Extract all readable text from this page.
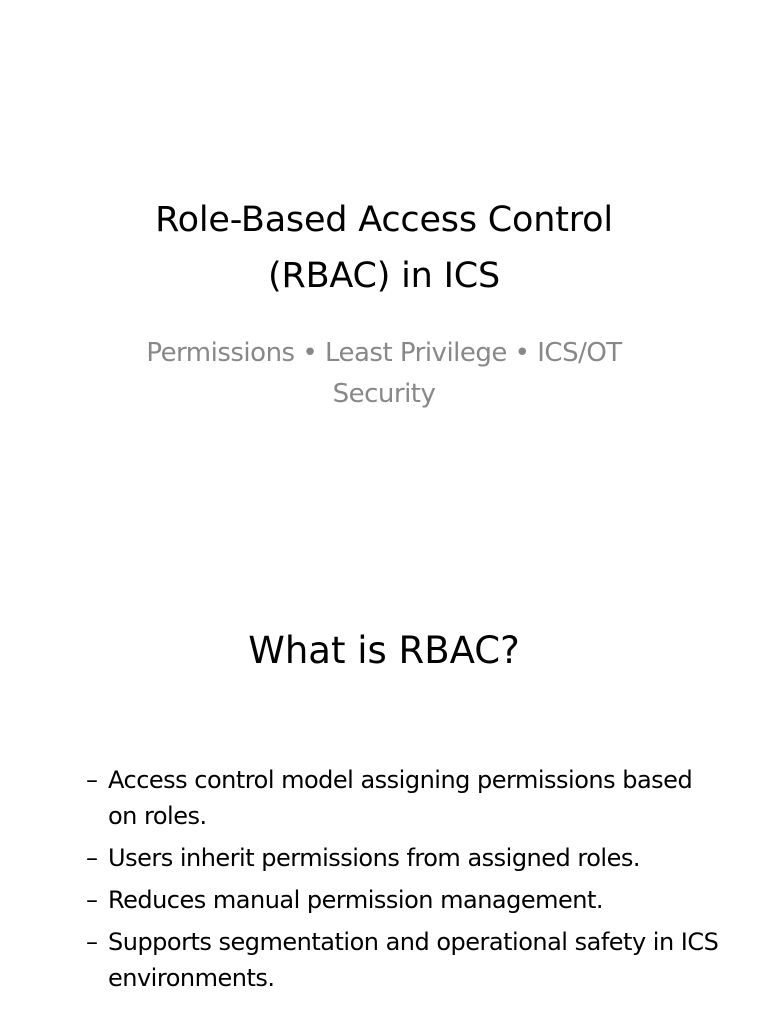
Role-Based Access Control (RBAC) in ICS
Permissions • Least Privilege • ICS/OT Security
What is RBAC?
– Access control model assigning permissions based on roles.
– Users inherit permissions from assigned roles.
– Reduces manual permission management.
– Supports segmentation and operational safety in ICS environments.
